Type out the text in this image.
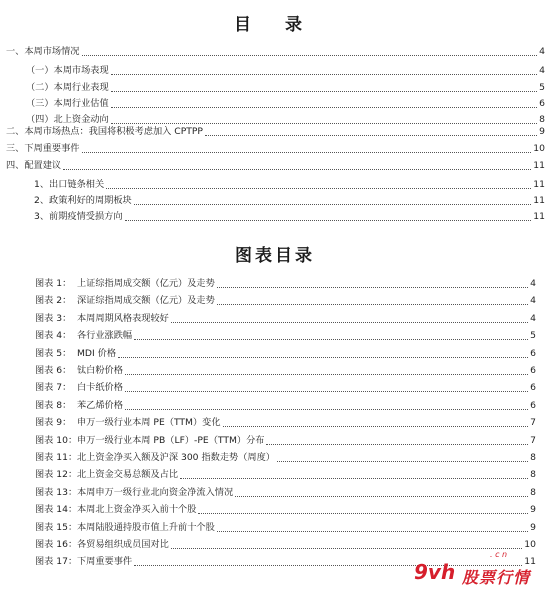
目 录
一、本周市场情况	4
（一）本周市场表现	4
（二）本周行业表现	5
（三）本周行业估值	6
（四）北上资金动向	8
二、本周市场热点：我国将积极考虑加入 CPTPP	9
三、下周重要事件	10
四、配置建议	11
1、出口链条相关	11
2、政策利好的周期板块	11
3、前期疫情受损方向	11
图表目录
图表 1： 上证综指周成交额（亿元）及走势	4
图表 2： 深证综指周成交额（亿元）及走势	4
图表 3： 本周周期风格表现较好	4
图表 4： 各行业涨跌幅	5
图表 5： MDI 价格	6
图表 6： 钛白粉价格	6
图表 7： 白卡纸价格	6
图表 8： 苯乙烯价格	6
图表 9： 申万一级行业本周 PE（TTM）变化	7
图表 10： 申万一级行业本周 PB（LF）-PE（TTM）分布	7
图表 11： 北上资金净买入额及沪深 300 指数走势（周度）	8
图表 12： 北上资金交易总额及占比	8
图表 13： 本周申万一级行业北向资金净流入情况	8
图表 14： 本周北上资金净买入前十个股	9
图表 15： 本周陆股通持股市值上升前十个股	9
图表 16： 各贸易组织成员国对比	10
图表 17： 下周重要事件	11
9vh
. c n
股票行情
